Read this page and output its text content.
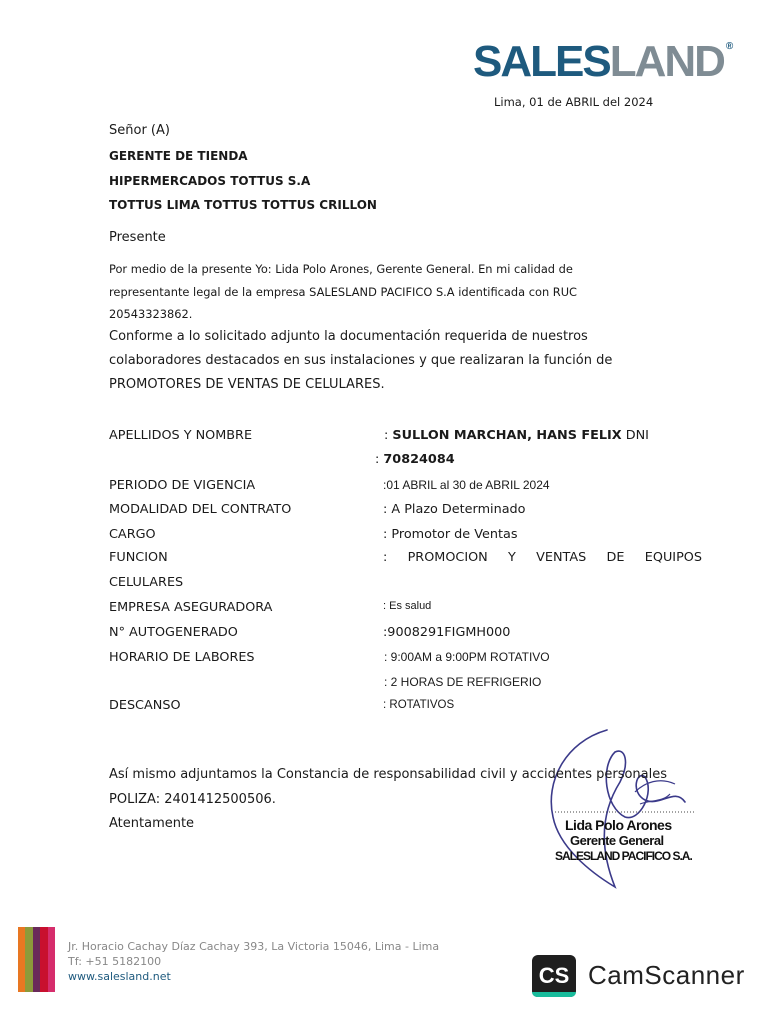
SALESLAND ®
Lima, 01 de ABRIL del 2024
Señor (A)
GERENTE DE TIENDA
HIPERMERCADOS TOTTUS S.A
TOTTUS LIMA TOTTUS TOTTUS CRILLON
Presente
Por medio de la presente Yo: Lida Polo Arones, Gerente General. En mi calidad de
representante legal de la empresa SALESLAND PACIFICO S.A identificada con RUC
20543323862.
Conforme a lo solicitado adjunto la documentación requerida de nuestros
colaboradores destacados en sus instalaciones y que realizaran la función de
PROMOTORES DE VENTAS DE CELULARES.
APELLIDOS Y NOMBRE	: SULLON MARCHAN, HANS FELIX DNI
: 70824084
PERIODO DE VIGENCIA	:01 ABRIL al 30 de ABRIL 2024
MODALIDAD DEL CONTRATO	: A Plazo Determinado
CARGO	: Promotor de Ventas
FUNCION	: PROMOCION Y VENTAS DE EQUIPOS
CELULARES
EMPRESA ASEGURADORA	: Es salud
N° AUTOGENERADO	:9008291FIGMH000
HORARIO DE LABORES	: 9:00AM a 9:00PM ROTATIVO
: 2 HORAS DE REFRIGERIO
DESCANSO	: ROTATIVOS
Lida Polo Arones
Gerente General
SALESLAND PACIFICO S.A.
Así mismo adjuntamos la Constancia de responsabilidad civil y accidentes personales
POLIZA: 2401412500506.
Atentamente
Jr. Horacio Cachay Díaz Cachay 393, La Victoria 15046, Lima - Lima
Tf: +51 5182100
www.salesland.net	CS CamScanner
